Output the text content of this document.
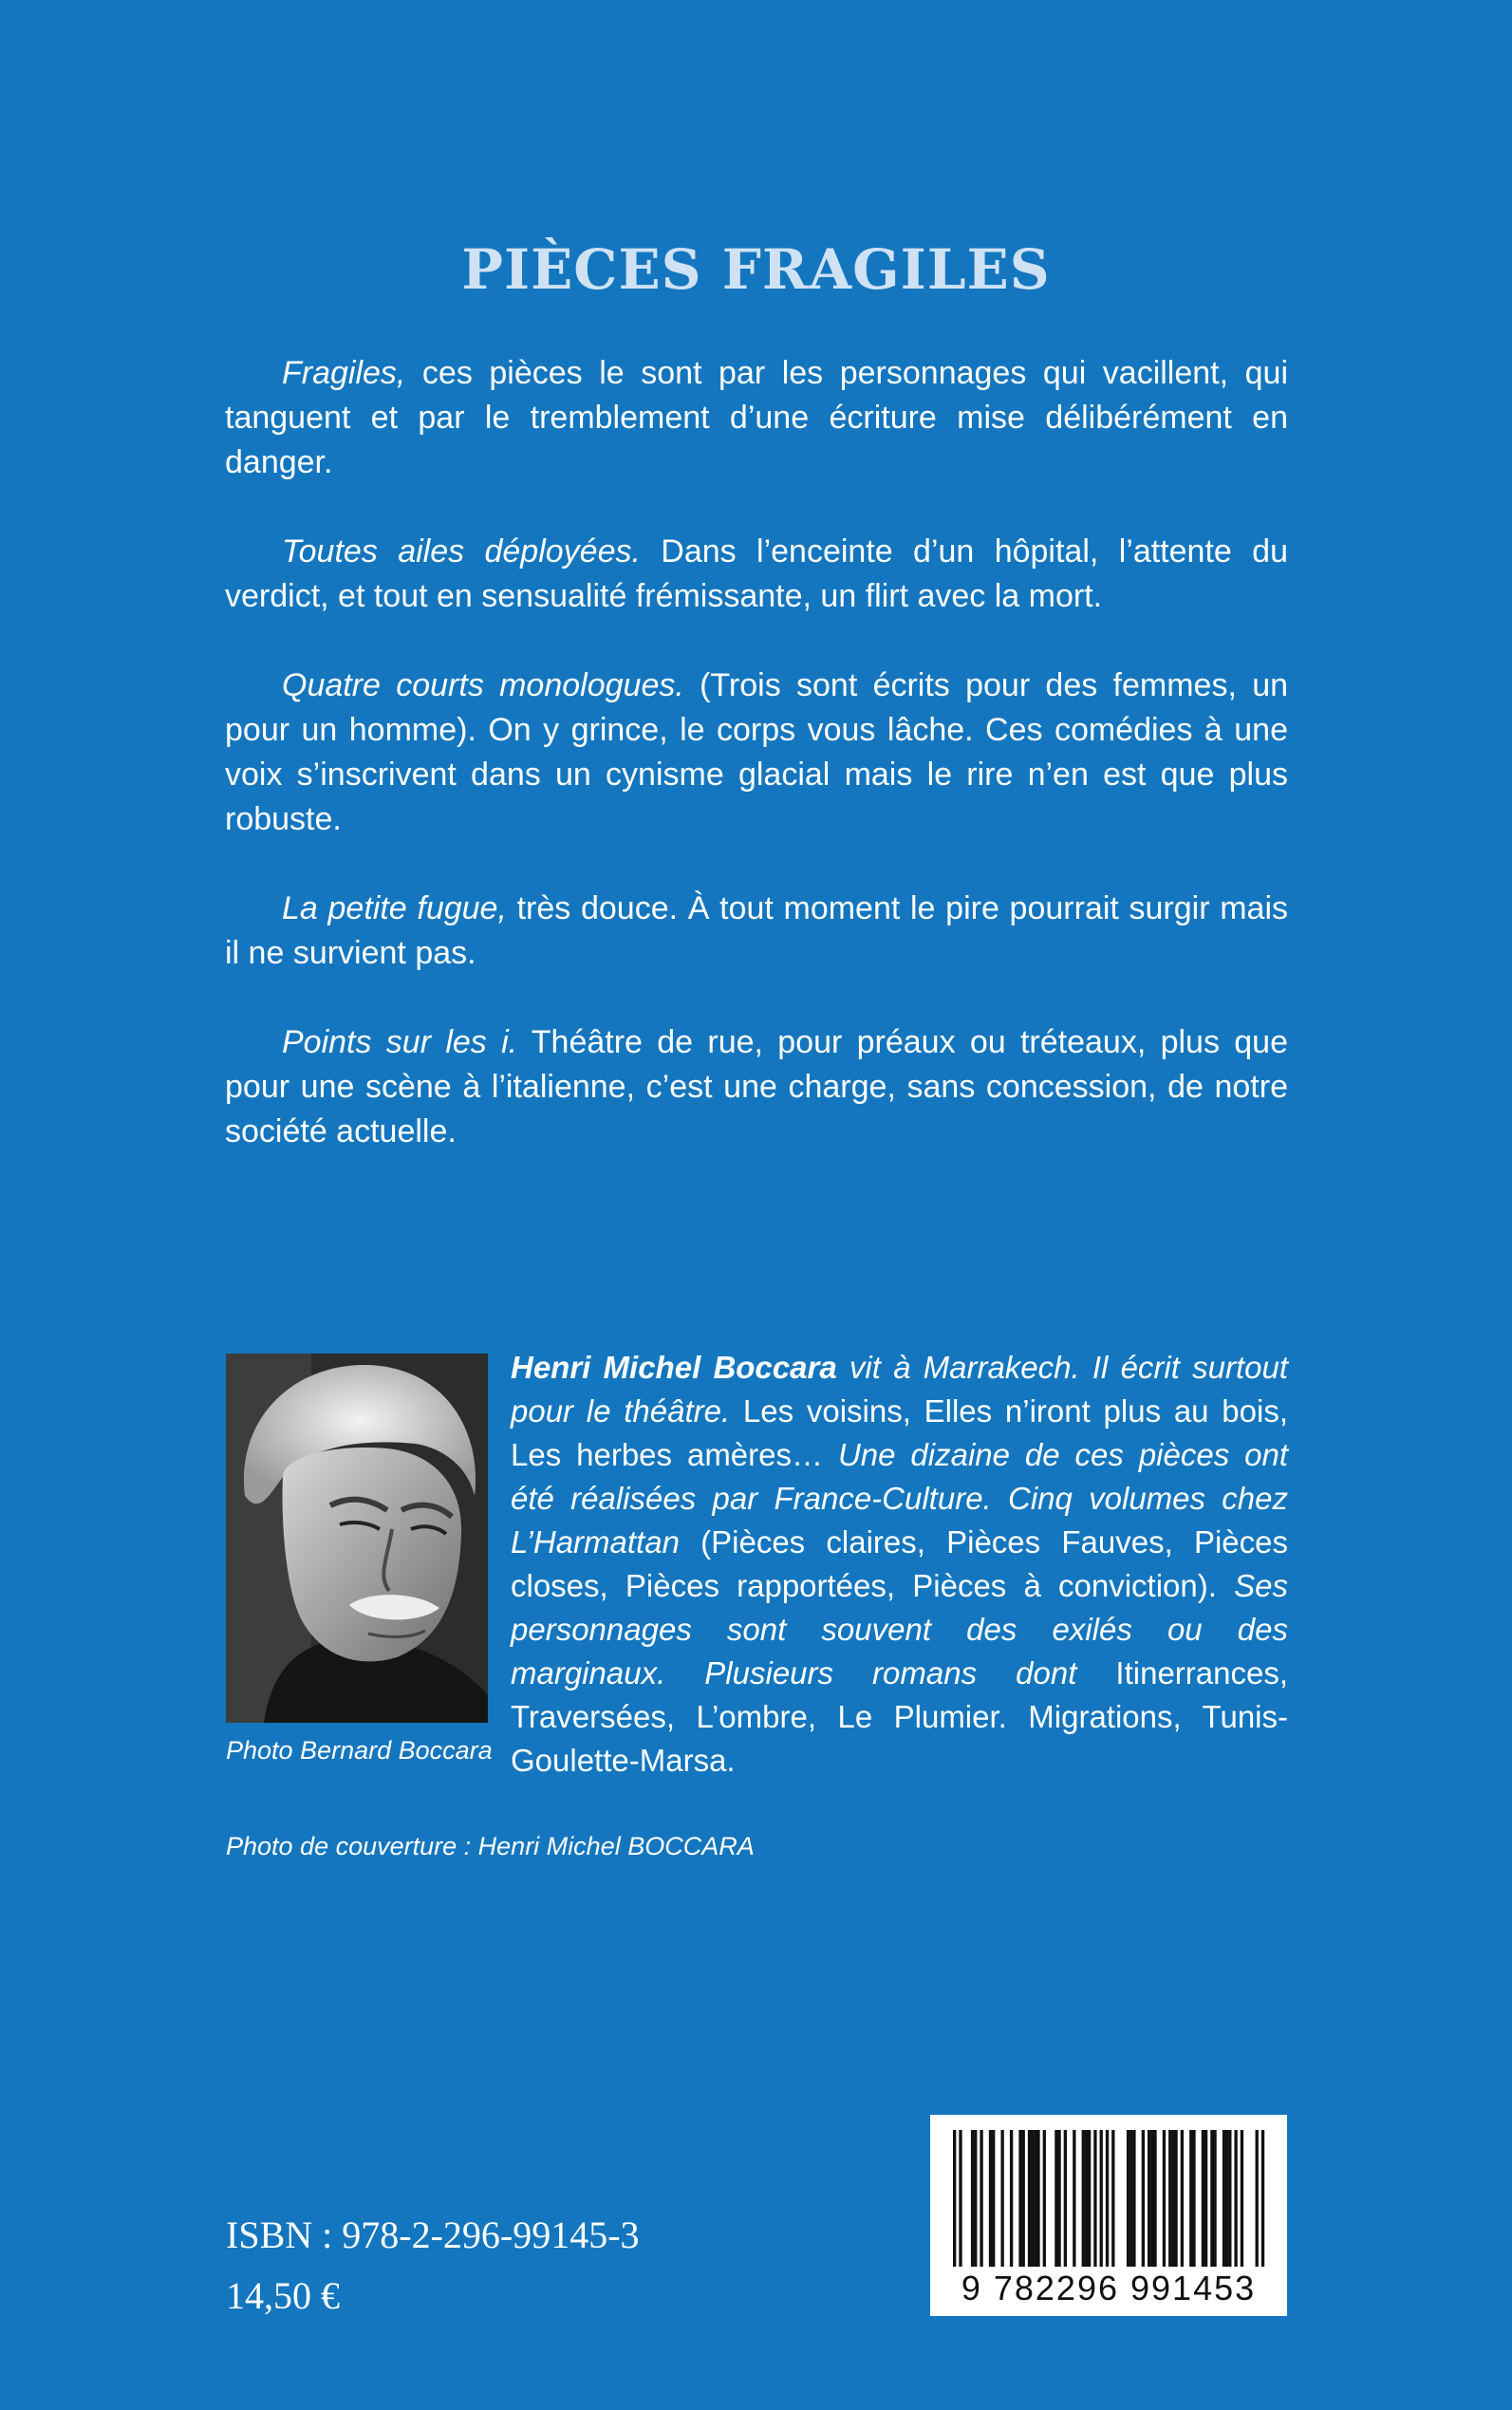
PIÈCES FRAGILES

Fragiles, ces pièces le sont par les personnages qui vacillent, qui tanguent et par le tremblement d’une écriture mise délibérément en danger.

Toutes ailes déployées. Dans l’enceinte d’un hôpital, l’attente du verdict, et tout en sensualité frémissante, un flirt avec la mort.

Quatre courts monologues. (Trois sont écrits pour des femmes, un pour un homme). On y grince, le corps vous lâche. Ces comédies à une voix s’inscrivent dans un cynisme glacial mais le rire n’en est que plus robuste.

La petite fugue, très douce. À tout moment le pire pourrait surgir mais il ne survient pas.

Points sur les i. Théâtre de rue, pour préaux ou tréteaux, plus que pour une scène à l’italienne, c’est une charge, sans concession, de notre société actuelle.

Photo Bernard Boccara

Henri Michel Boccara vit à Marrakech. Il écrit surtout pour le théâtre. Les voisins, Elles n’iront plus au bois, Les herbes amères… Une dizaine de ces pièces ont été réalisées par France-Culture. Cinq volumes chez L’Harmattan (Pièces claires, Pièces Fauves, Pièces closes, Pièces rapportées, Pièces à conviction). Ses personnages sont souvent des exilés ou des marginaux. Plusieurs romans dont Itinerrances, Traversées, L’ombre, Le Plumier. Migrations, Tunis-Goulette-Marsa.

Photo de couverture : Henri Michel BOCCARA
ISBN : 978-2-296-99145-3
14,50 €	9 782296 991453
